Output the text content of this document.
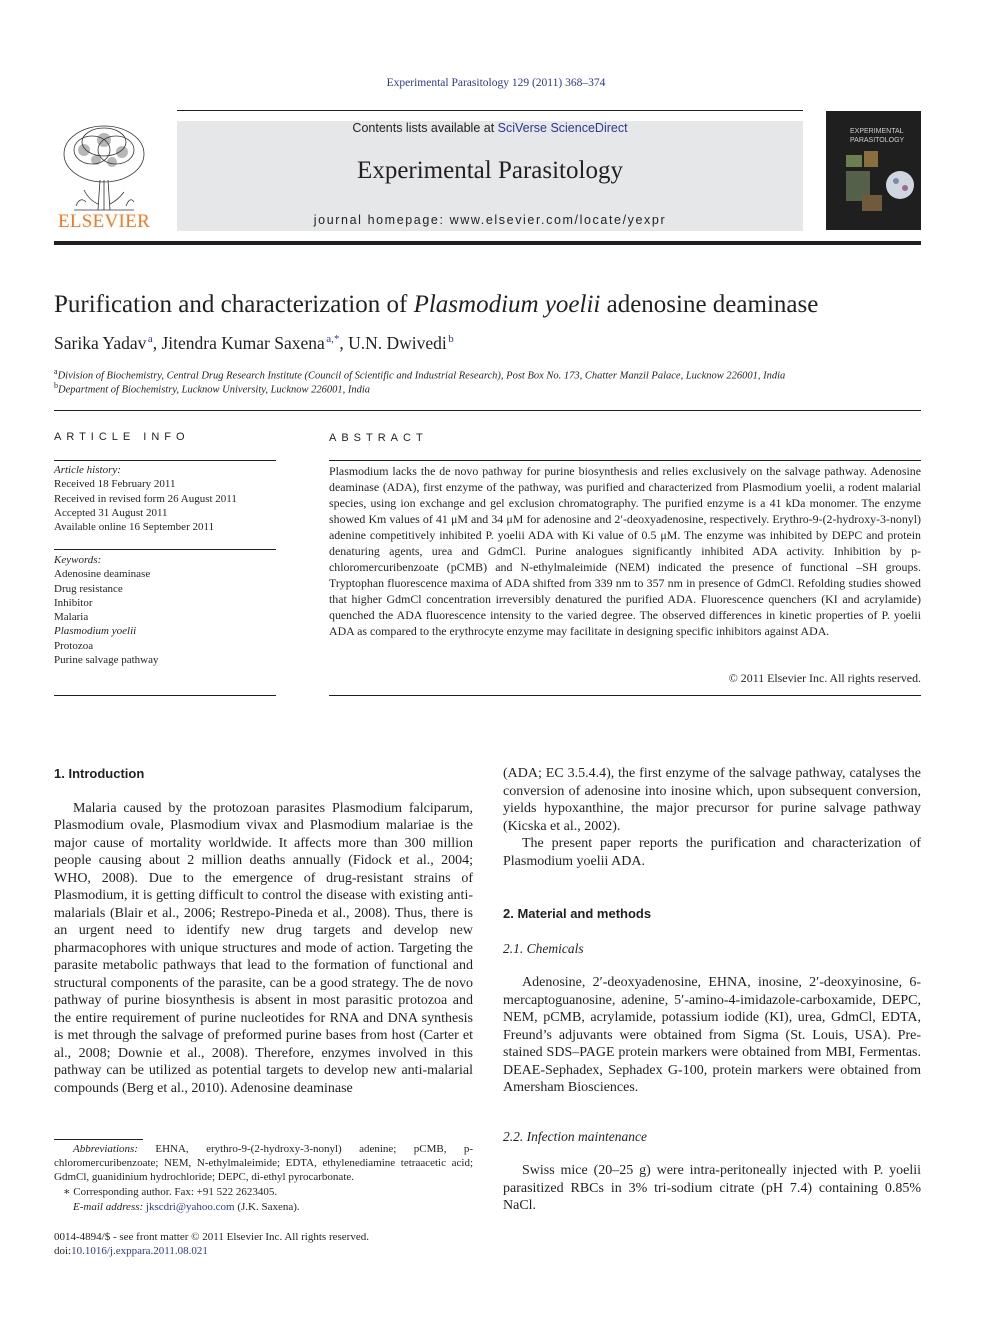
Experimental Parasitology 129 (2011) 368–374
ELSEVIER
Contents lists available at SciVerse ScienceDirect
Experimental Parasitology
journal homepage: www.elsevier.com/locate/yexpr
EXPERIMENTAL PARASITOLOGY
Purification and characterization of Plasmodium yoelii adenosine deaminase
Sarika Yadav $^a$, Jitendra Kumar Saxena $^{a,*}$, U.N. Dwivedi $^b$
$^a$Division of Biochemistry, Central Drug Research Institute (Council of Scientific and Industrial Research), Post Box No. 173, Chatter Manzil Palace, Lucknow 226001, India
$^b$Department of Biochemistry, Lucknow University, Lucknow 226001, India
ARTICLE INFO
Article history:
Received 18 February 2011
Received in revised form 26 August 2011
Accepted 31 August 2011
Available online 16 September 2011
Keywords:
Adenosine deaminase
Drug resistance
Inhibitor
Malaria
Plasmodium yoelii
Protozoa
Purine salvage pathway
ABSTRACT
Plasmodium lacks the de novo pathway for purine biosynthesis and relies exclusively on the salvage pathway. Adenosine deaminase (ADA), first enzyme of the pathway, was purified and characterized from Plasmodium yoelii, a rodent malarial species, using ion exchange and gel exclusion chromatography. The purified enzyme is a 41 kDa monomer. The enzyme showed Km values of 41 μM and 34 μM for adenosine and 2′-deoxyadenosine, respectively. Erythro-9-(2-hydroxy-3-nonyl) adenine competitively inhibited P. yoelii ADA with Ki value of 0.5 μM. The enzyme was inhibited by DEPC and protein denaturing agents, urea and GdmCl. Purine analogues significantly inhibited ADA activity. Inhibition by p-chloromercuribenzoate (pCMB) and N-ethylmaleimide (NEM) indicated the presence of functional –SH groups. Tryptophan fluorescence maxima of ADA shifted from 339 nm to 357 nm in presence of GdmCl. Refolding studies showed that higher GdmCl concentration irreversibly denatured the purified ADA. Fluorescence quenchers (KI and acrylamide) quenched the ADA fluorescence intensity to the varied degree. The observed differences in kinetic properties of P. yoelii ADA as compared to the erythrocyte enzyme may facilitate in designing specific inhibitors against ADA.
© 2011 Elsevier Inc. All rights reserved.
1. Introduction

Malaria caused by the protozoan parasites Plasmodium falciparum, Plasmodium ovale, Plasmodium vivax and Plasmodium malariae is the major cause of mortality worldwide. It affects more than 300 million people causing about 2 million deaths annually (Fidock et al., 2004; WHO, 2008). Due to the emergence of drug-resistant strains of Plasmodium, it is getting difficult to control the disease with existing anti-malarials (Blair et al., 2006; Restrepo-Pineda et al., 2008). Thus, there is an urgent need to identify new drug targets and develop new pharmacophores with unique structures and mode of action. Targeting the parasite metabolic pathways that lead to the formation of functional and structural components of the parasite, can be a good strategy. The de novo pathway of purine biosynthesis is absent in most parasitic protozoa and the entire requirement of purine nucleotides for RNA and DNA synthesis is met through the salvage of preformed purine bases from host (Carter et al., 2008; Downie et al., 2008). Therefore, enzymes involved in this pathway can be utilized as potential targets to develop new anti-malarial compounds (Berg et al., 2010). Adenosine deaminase

(ADA; EC 3.5.4.4), the first enzyme of the salvage pathway, catalyses the conversion of adenosine into inosine which, upon subsequent conversion, yields hypoxanthine, the major precursor for purine salvage pathway (Kicska et al., 2002).

The present paper reports the purification and characterization of Plasmodium yoelii ADA.

2. Material and methods
2.1. Chemicals

Adenosine, 2′-deoxyadenosine, EHNA, inosine, 2′-deoxyinosine, 6-mercaptoguanosine, adenine, 5′-amino-4-imidazole-carboxamide, DEPC, NEM, pCMB, acrylamide, potassium iodide (KI), urea, GdmCl, EDTA, Freund’s adjuvants were obtained from Sigma (St. Louis, USA). Pre-stained SDS–PAGE protein markers were obtained from MBI, Fermentas. DEAE-Sephadex, Sephadex G-100, protein markers were obtained from Amersham Biosciences.

2.2. Infection maintenance

Swiss mice (20–25 g) were intra-peritoneally injected with P. yoelii parasitized RBCs in 3% tri-sodium citrate (pH 7.4) containing 0.85% NaCl.

Abbreviations: EHNA, erythro-9-(2-hydroxy-3-nonyl) adenine; pCMB, p-chloromercuribenzoate; NEM, N-ethylmaleimide; EDTA, ethylenediamine tetraacetic acid; GdmCl, guanidinium hydrochloride; DEPC, di-ethyl pyrocarbonate.
∗ Corresponding author. Fax: +91 522 2623405.
E-mail address: jkscdri@yahoo.com (J.K. Saxena).
0014-4894/$ - see front matter © 2011 Elsevier Inc. All rights reserved.
doi:10.1016/j.exppara.2011.08.021
